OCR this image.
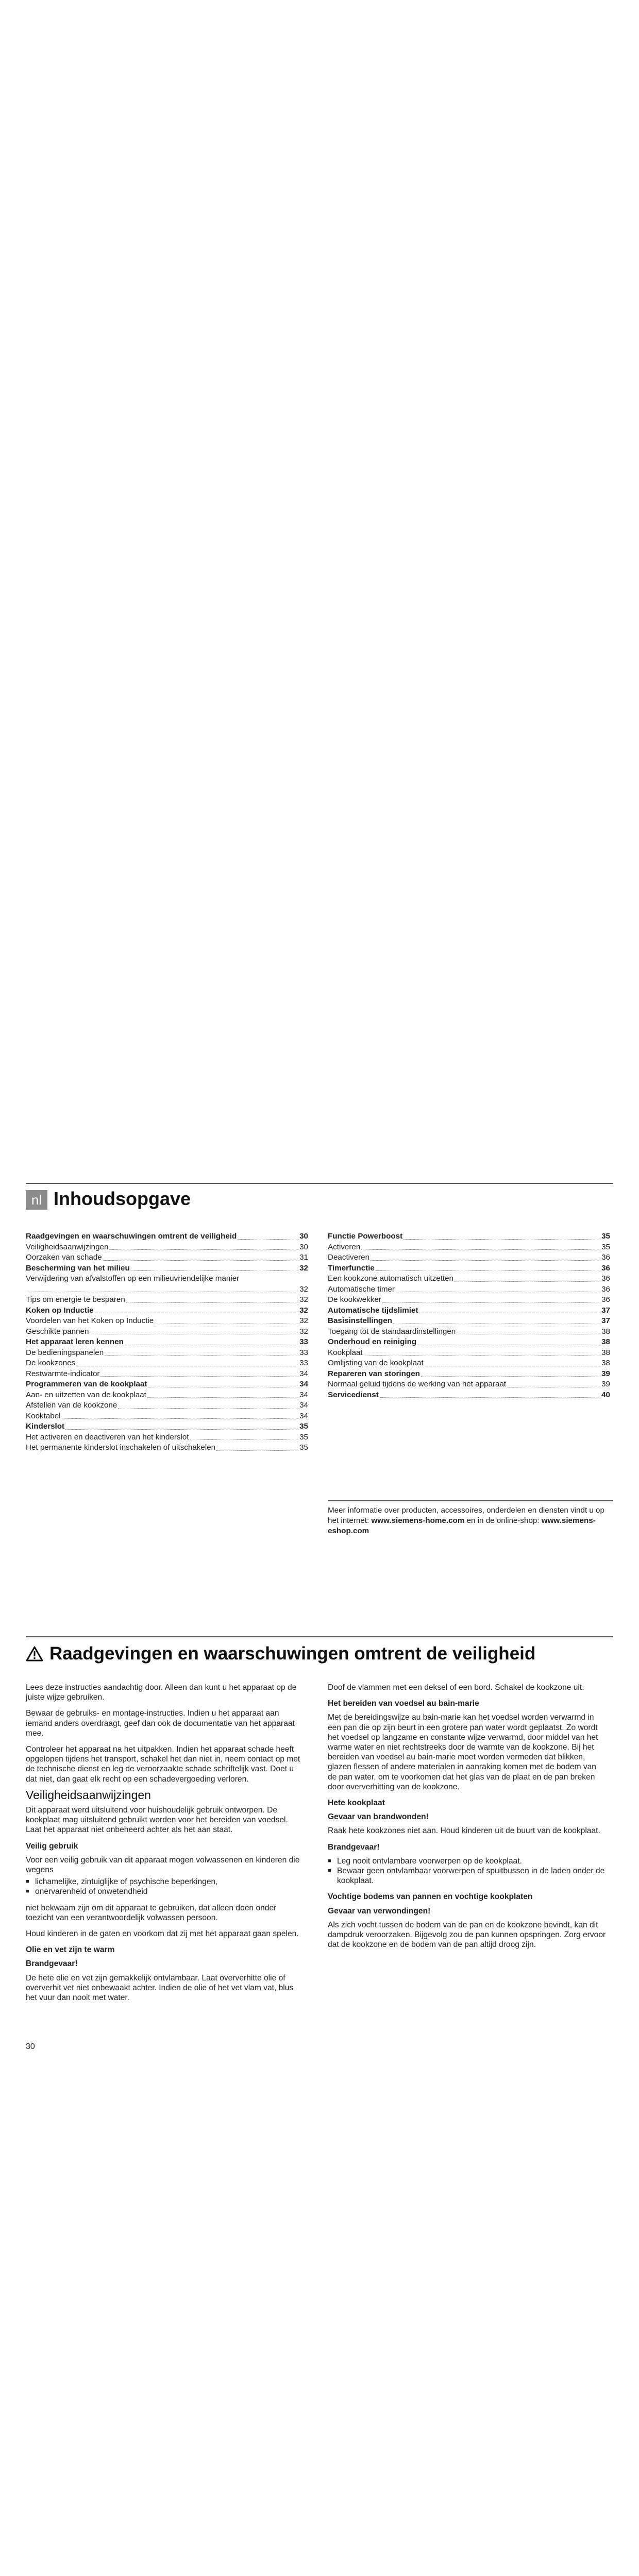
nl Inhoudsopgave
Raadgevingen en waarschuwingen omtrent de veiligheid	30
Veiligheidsaanwijzingen	30
Oorzaken van schade	31
Bescherming van het milieu	32
Verwijdering van afvalstoffen op een milieuvriendelijke manier
32
Tips om energie te besparen	32
Koken op Inductie	32
Voordelen van het Koken op Inductie	32
Geschikte pannen	32
Het apparaat leren kennen	33
De bedieningspanelen	33
De kookzones	33
Restwarmte-indicator	34
Programmeren van de kookplaat	34
Aan- en uitzetten van de kookplaat	34
Afstellen van de kookzone	34
Kooktabel	34
Kinderslot	35
Het activeren en deactiveren van het kinderslot	35
Het permanente kinderslot inschakelen of uitschakelen	35
Functie Powerboost	35
Activeren	35
Deactiveren	36
Timerfunctie	36
Een kookzone automatisch uitzetten	36
Automatische timer	36
De kookwekker	36
Automatische tijdslimiet	37
Basisinstellingen	37
Toegang tot de standaardinstellingen	38
Onderhoud en reiniging	38
Kookplaat	38
Omlijsting van de kookplaat	38
Repareren van storingen	39
Normaal geluid tijdens de werking van het apparaat	39
Servicedienst	40
Meer informatie over producten, accessoires, onderdelen en diensten vindt u op het internet: www.siemens-home.com en in de online-shop: www.siemens-eshop.com
Raadgevingen en waarschuwingen omtrent de veiligheid

Lees deze instructies aandachtig door. Alleen dan kunt u het apparaat op de juiste wijze gebruiken.

Bewaar de gebruiks- en montage-instructies. Indien u het apparaat aan iemand anders overdraagt, geef dan ook de documentatie van het apparaat mee.

Controleer het apparaat na het uitpakken. Indien het apparaat schade heeft opgelopen tijdens het transport, schakel het dan niet in, neem contact op met de technische dienst en leg de veroorzaakte schade schriftelijk vast. Doet u dat niet, dan gaat elk recht op een schadevergoeding verloren.

Veiligheidsaanwijzingen

Dit apparaat werd uitsluitend voor huishoudelijk gebruik ontworpen. De kookplaat mag uitsluitend gebruikt worden voor het bereiden van voedsel. Laat het apparaat niet onbeheerd achter als het aan staat.

Veilig gebruik

Voor een veilig gebruik van dit apparaat mogen volwassenen en kinderen die wegens

■ lichamelijke, zintuiglijke of psychische beperkingen,
■ onervarenheid of onwetendheid

niet bekwaam zijn om dit apparaat te gebruiken, dat alleen doen onder toezicht van een verantwoordelijk volwassen persoon.

Houd kinderen in de gaten en voorkom dat zij met het apparaat gaan spelen.

Olie en vet zijn te warm
Brandgevaar!

De hete olie en vet zijn gemakkelijk ontvlambaar. Laat oververhitte olie of oververhit vet niet onbewaakt achter. Indien de olie of het vet vlam vat, blus het vuur dan nooit met water.

Doof de vlammen met een deksel of een bord. Schakel de kookzone uit.

Het bereiden van voedsel au bain-marie

Met de bereidingswijze au bain-marie kan het voedsel worden verwarmd in een pan die op zijn beurt in een grotere pan water wordt geplaatst. Zo wordt het voedsel op langzame en constante wijze verwarmd, door middel van het warme water en niet rechtstreeks door de warmte van de kookzone. Bij het bereiden van voedsel au bain-marie moet worden vermeden dat blikken, glazen flessen of andere materialen in aanraking komen met de bodem van de pan water, om te voorkomen dat het glas van de plaat en de pan breken door oververhitting van de kookzone.

Hete kookplaat
Gevaar van brandwonden!

Raak hete kookzones niet aan. Houd kinderen uit de buurt van de kookplaat.

Brandgevaar!
■ Leg nooit ontvlambare voorwerpen op de kookplaat.
■ Bewaar geen ontvlambaar voorwerpen of spuitbussen in de laden onder de kookplaat.
Vochtige bodems van pannen en vochtige kookplaten
Gevaar van verwondingen!

Als zich vocht tussen de bodem van de pan en de kookzone bevindt, kan dit dampdruk veroorzaken. Bijgevolg zou de pan kunnen opspringen. Zorg ervoor dat de kookzone en de bodem van de pan altijd droog zijn.

30
